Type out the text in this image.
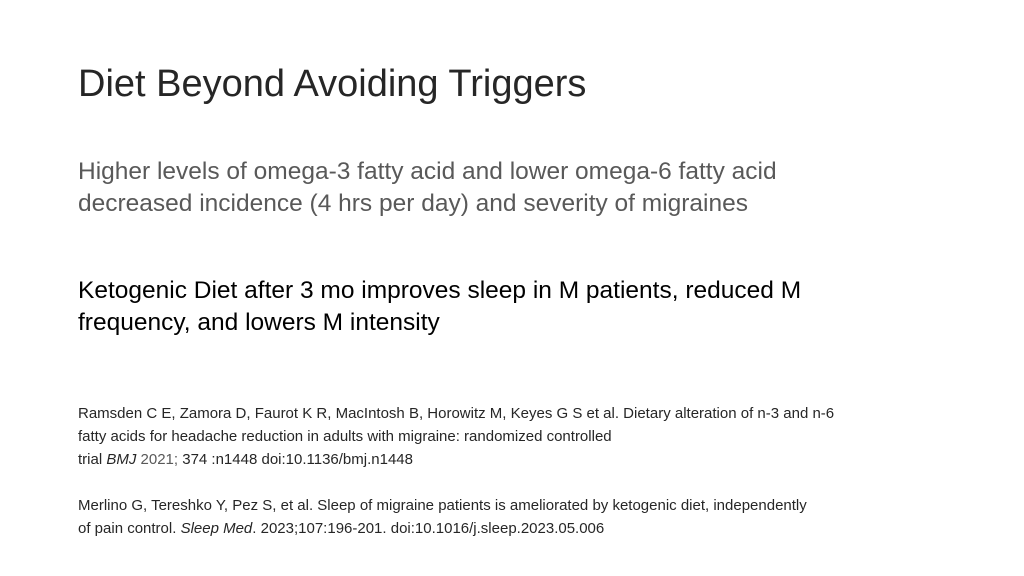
Diet Beyond Avoiding Triggers
Higher levels of omega-3 fatty acid and lower omega-6 fatty acid
decreased incidence (4 hrs per day) and severity of migraines
Ketogenic Diet after 3 mo improves sleep in M patients, reduced M
frequency, and lowers M intensity
Ramsden C E, Zamora D, Faurot K R, MacIntosh B, Horowitz M, Keyes G S et al. Dietary alteration of n-3 and n-6
fatty acids for headache reduction in adults with migraine: randomized controlled
trial BMJ 2021; 374 :n1448 doi:10.1136/bmj.n1448
Merlino G, Tereshko Y, Pez S, et al. Sleep of migraine patients is ameliorated by ketogenic diet, independently
of pain control. Sleep Med. 2023;107:196-201. doi:10.1016/j.sleep.2023.05.006
